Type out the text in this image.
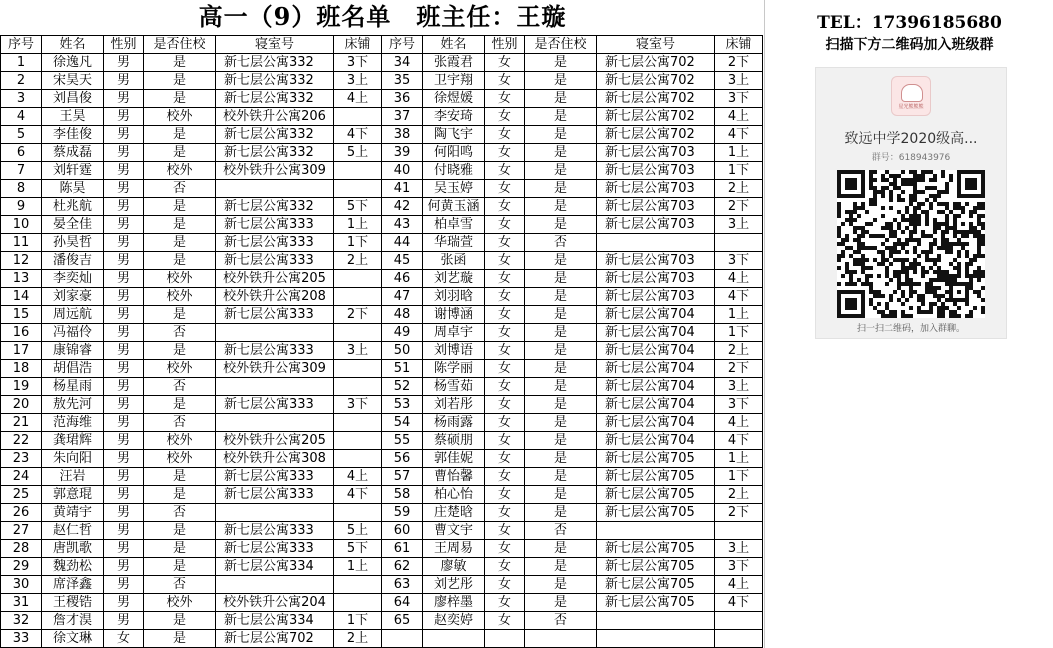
高一（9）班名单　班主任：王璇
序号	姓名	性别	是否住校	寝室号	床铺
1	徐逸凡	男	是	新七层公寓332	3下
2	宋昊天	男	是	新七层公寓332	3上
3	刘昌俊	男	是	新七层公寓332	4上
4	王昊	男	校外	校外铁升公寓206	
5	李佳俊	男	是	新七层公寓332	4下
6	蔡成磊	男	是	新七层公寓332	5上
7	刘轩霆	男	校外	校外铁升公寓309	
8	陈昊	男	否		
9	杜兆航	男	是	新七层公寓332	5下
10	晏全佳	男	是	新七层公寓333	1上
11	孙昊哲	男	是	新七层公寓333	1下
12	潘俊吉	男	是	新七层公寓333	2上
13	李奕灿	男	校外	校外铁升公寓205	
14	刘家豪	男	校外	校外铁升公寓208	
15	周远航	男	是	新七层公寓333	2下
16	冯福伶	男	否		
17	康锦睿	男	是	新七层公寓333	3上
18	胡倡浩	男	校外	校外铁升公寓309	
19	杨星雨	男	否		
20	敖先河	男	是	新七层公寓333	3下
21	范海维	男	否		
22	龚珺辉	男	校外	校外铁升公寓205	
23	朱向阳	男	校外	校外铁升公寓308	
24	汪岩	男	是	新七层公寓333	4上
25	郭意琨	男	是	新七层公寓333	4下
26	黄靖宇	男	否		
27	赵仁哲	男	是	新七层公寓333	5上
28	唐凯歌	男	是	新七层公寓333	5下
29	魏劲松	男	是	新七层公寓334	1上
30	席泽鑫	男	否		
31	王稷锆	男	校外	校外铁升公寓204	
32	詹才淏	男	是	新七层公寓334	1下
33	徐文琳	女	是	新七层公寓702	2上
序号	姓名	性别	是否住校	寝室号	床铺
34	张霞君	女	是	新七层公寓702	2下
35	卫宇翔	女	是	新七层公寓702	3上
36	徐煜媛	女	是	新七层公寓702	3下
37	李安琦	女	是	新七层公寓702	4上
38	陶飞宇	女	是	新七层公寓702	4下
39	何阳鸣	女	是	新七层公寓703	1上
40	付晓雅	女	是	新七层公寓703	1下
41	吴玉婷	女	是	新七层公寓703	2上
42	何黄玉涵	女	是	新七层公寓703	2下
43	柏卓雪	女	是	新七层公寓703	3上
44	华瑞萱	女	否		
45	张函	女	是	新七层公寓703	3下
46	刘艺璇	女	是	新七层公寓703	4上
47	刘羽晗	女	是	新七层公寓703	4下
48	谢博涵	女	是	新七层公寓704	1上
49	周卓宇	女	是	新七层公寓704	1下
50	刘博语	女	是	新七层公寓704	2上
51	陈学丽	女	是	新七层公寓704	2下
52	杨雪茹	女	是	新七层公寓704	3上
53	刘若彤	女	是	新七层公寓704	3下
54	杨雨露	女	是	新七层公寓704	4上
55	蔡硕朋	女	是	新七层公寓704	4下
56	郭佳妮	女	是	新七层公寓705	1上
57	曹怡馨	女	是	新七层公寓705	1下
58	柏心怡	女	是	新七层公寓705	2上
59	庄楚晗	女	是	新七层公寓705	2下
60	曹文宇	女	否		
61	王周易	女	是	新七层公寓705	3上
62	廖敏	女	是	新七层公寓705	3下
63	刘艺彤	女	是	新七层公寓705	4上
64	廖梓墨	女	是	新七层公寓705	4下
65	赵奕婷	女	否		

TEL：17396185680
扫描下方二维码加入班级群
星光熊熊熊
致远中学2020级高...
群号：618943976
扫一扫二维码，加入群聊。
